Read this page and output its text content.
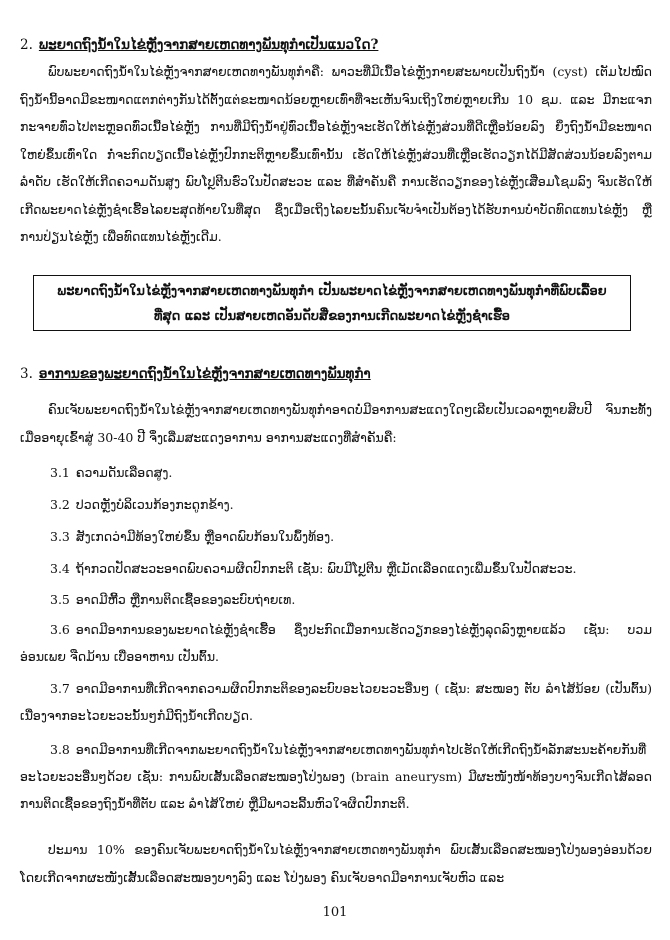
2. ພະຍາດຖົງນ້ຳໃນໄຂ່ຫຼັງຈາກສາຍເຫດທາງພັນທຸກຳເປັນແນວໃດ?

ພົບພະຍາດຖົງນ້ຳໃນໄຂ່ຫຼັງຈາກສາຍເຫດທາງພັນທຸກຳຄື: ພາວະທີ່ມີເນື້ອໄຂ່ຫຼັງກາຍສະພາບເປັນຖົງນ້ຳ (cyst) ເຕັມໄປໝົດ ຖົງນ້ຳນີ້ອາດມີຂະໜາດແຕກຕ່າງກັນໄດ້ຕັ້ງແຕ່ຂະໜາດນ້ອຍຫຼາຍເທົ່າທີ່ຈະເຫັນຈົນເຖິງໃຫຍ່ຫຼາຍເກີນ 10 ຊມ. ແລະ ມີກະແຈກກະຈາຍທົ່ວໄປຕະຫຼອດທົ່ວເນື້ອໄຂ່ຫຼັງ ການທີ່ມີຖົງນ້ຳຢູ່ທົ່ວເນື້ອໄຂ່ຫຼັງຈະເຮັດໃຫ້ໄຂ່ຫຼັງສ່ວນທີ່ດີເຫຼືອນ້ອຍລົງ ຍິ່ງຖົງນ້ຳມີຂະໜາດໃຫຍ່ຂຶ້ນເທົ່າໃດ ກໍ່ຈະກົດບຽດເນື້ອໄຂ່ຫຼັງປົກກະຕິຫຼາຍຂຶ້ນເທົ່ານັ້ນ ເຮັດໃຫ້ໄຂ່ຫຼັງສ່ວນທີ່ເຫຼືອເຮັດວຽກໄດ້ມີສັດສ່ວນນ້ອຍລົງຕາມລຳດັບ ເຮັດໃຫ້ເກີດຄວາມດັນສູງ ພົບໂປຼຕີນຮົ່ວໃນປັດສະວະ ແລະ ທີ່ສຳຄັນຄື ການເຮັດວຽກຂອງໄຂ່ຫຼັງເສື່ອມໂຊມລົງ ຈົນເຮັດໃຫ້ເກີດພະຍາດໄຂ່ຫຼັງຊຳເຮື້ອໄລຍະສຸດທ້າຍໃນທີ່ສຸດ ຊຶ່ງເມື່ອເຖິງໄລຍະນັ້ນຄົນເຈັບຈຳເປັນຕ້ອງໄດ້ຮັບການບຳບັດທົດແທນໄຂ່ຫຼັງ ຫຼືການປ່ຽນໄຂ່ຫຼັງ ເພື່ອທົດແທນໄຂ່ຫຼັງເດີມ.

ພະຍາດຖົງນ້ຳໃນໄຂ່ຫຼັງຈາກສາຍເຫດທາງພັນທຸກຳ ເປັນພະຍາດໄຂ່ຫຼັງຈາກສາຍເຫດທາງພັນທຸກຳທີ່ພົບເລື້ອຍ
ທີ່ສຸດ ແລະ ເປັນສາຍເຫດອັນດັບສີ່ຂອງການເກີດພະຍາດໄຂ່ຫຼັງຊຳເຮື້ອ
3. ອາການຂອງພະຍາດຖົງນ້ຳໃນໄຂ່ຫຼັງຈາກສາຍເຫດທາງພັນທຸກຳ

ຄົນເຈັບພະຍາດຖົງນ້ຳໃນໄຂ່ຫຼັງຈາກສາຍເຫດທາງພັນທຸກຳອາດບໍ່ມີອາການສະແດງໃດໆເລີຍເປັນເວລາຫຼາຍສິບປີ ຈົນກະທັ້ງເມື່ອອາຍຸເຂົ້າສູ່ 30-40 ປີ ຈຶ່ງເລີ່ມສະແດງອາການ ອາການສະແດງທີ່ສຳຄັນຄື:

3.1 ຄວາມດັນເລືອດສູງ.

3.2 ປວດຫຼັງບໍລິເວນກ້ອງກະດູກຂ້າງ.

3.3 ສັງເກດວ່າມີທ້ອງໃຫຍ່ຂຶ້ນ ຫຼືອາດພົບກ້ອນໃນພຶ້ງທ້ອງ.

3.4 ຖ້າກວດປັດສະວະອາດພົບຄວາມຜິດປົກກະຕິ ເຊັ່ນ: ພົບມີໂປຼຕີນ ຫຼືເມັດເລືອດແດງເພີ່ມຂຶ້ນໃນປັດສະວະ.

3.5 ອາດມີຫີ້ວ ຫຼືການຕິດເຊື້ອຂອງລະບົບຖ່າຍເທ.

3.6 ອາດມີອາການຂອງພະຍາດໄຂ່ຫຼັງຊຳເຮື້ອ ຊຶ່ງປະກົດເມື່ອການເຮັດວຽກຂອງໄຂ່ຫຼັງລຸດລົງຫຼາຍແລ້ວ ເຊັ່ນ: ບວມ ອ່ອນເພຍ ຈືດມ້ານ ເບື່ອອາຫານ ເປັນຕົ້ນ.

3.7 ອາດມີອາການທີ່ເກີດຈາກຄວາມຜິດປົກກະຕິຂອງລະບົບອະໄວຍະວະອື່ນໆ ( ເຊັ່ນ: ສະໝອງ ຕັບ ລຳໄສ້ນ້ອຍ (ເປັນຕົ້ນ) ເນື່ອງຈາກອະໄວຍະວະນັ້ນໆກໍມີຖົງນ້ຳເກີດບຽດ.

3.8 ອາດມີອາການທີ່ເກີດຈາກພະຍາດຖົງນ້ຳໃນໄຂ່ຫຼັງຈາກສາຍເຫດທາງພັນທຸກຳໄປເຮັດໃຫ້ເກີດຖົງນ້ຳລັກສະນະຄ້າຍກັນທີ່ອະໄວຍະວະອື່ນໆດ້ວຍ ເຊັ່ນ: ການພົບເສັ້ນເລືອດສະໝອງໂປ່ງພອງ (brain aneurysm) ມີຜະໜັງໜ້າທ້ອງບາງຈົນເກີດໄສ້ລອດ ການຕິດເຊື້ອຂອງຖົງນ້ຳທີ່ຕັບ ແລະ ລຳໄສ້ໃຫຍ່ ຫຼືມີພາວະລີ້ນຫົວໃຈຜິດປົກກະຕິ.

ປະມານ 10% ຂອງຄົນເຈັບພະຍາດຖົງນ້ຳໃນໄຂ່ຫຼັງຈາກສາຍເຫດທາງພັນທຸກຳ ພົບເສັ້ນເລືອດສະໝອງໂປ່ງພອງອ່ອນດ້ວຍ ໂດຍເກີດຈາກຜະໜັງເສັ້ນເລືອດສະໝອງບາງລົງ ແລະ ໂປ່ງພອງ ຄົນເຈັບອາດມີອາການເຈັບຫົວ ແລະ

101
